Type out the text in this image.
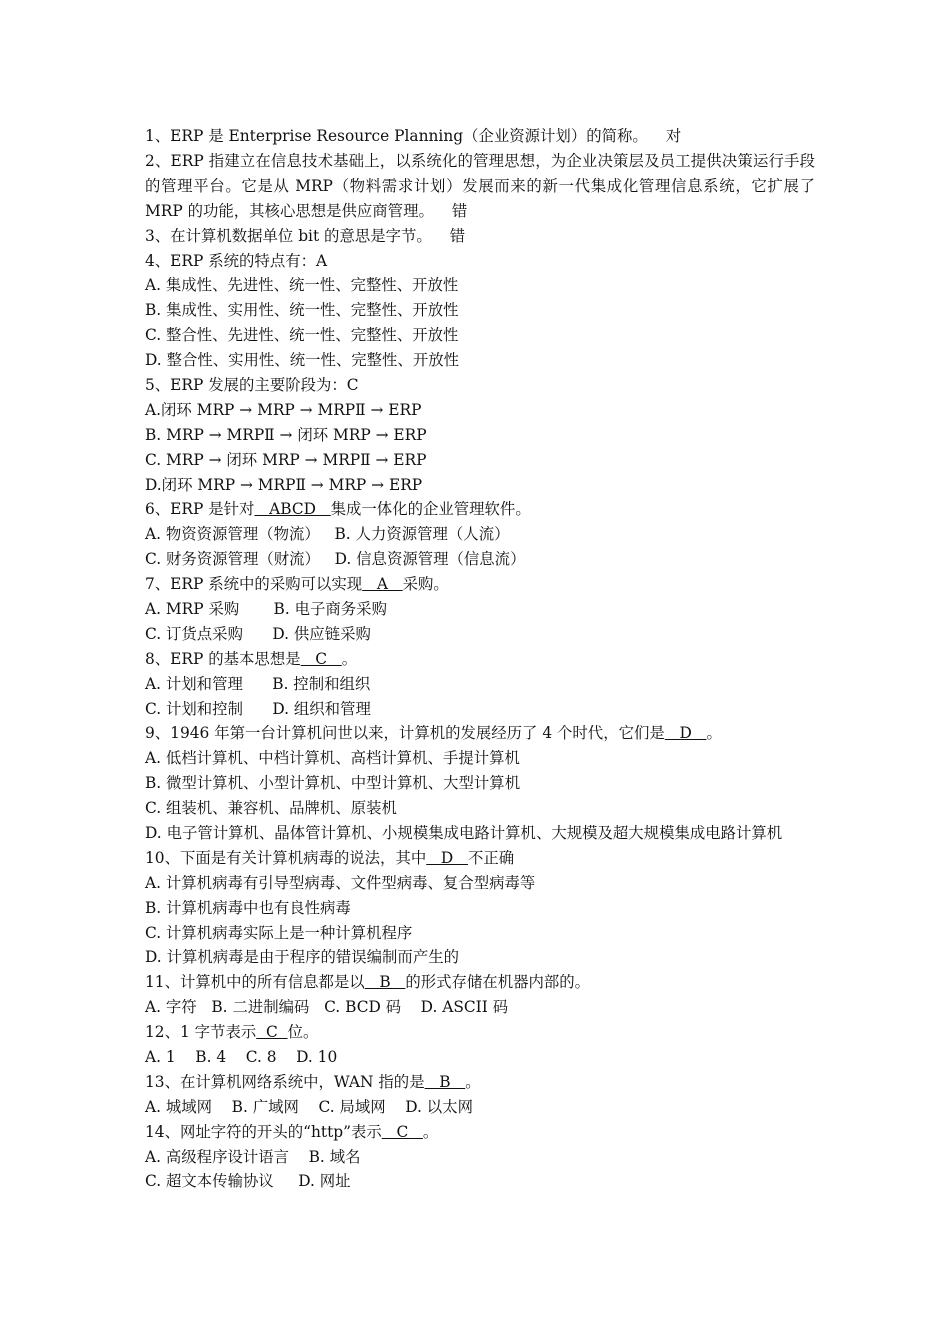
1、ERP 是 Enterprise Resource Planning（企业资源计划）的简称。 对
2、ERP 指建立在信息技术基础上，以系统化的管理思想，为企业决策层及员工提供决策运行手段的管理平台。它是从 MRP（物料需求计划）发展而来的新一代集成化管理信息系统，它扩展了 MRP 的功能，其核心思想是供应商管理。 错
3、在计算机数据单位 bit 的意思是字节。 错
4、ERP 系统的特点有：A
A. 集成性、先进性、统一性、完整性、开放性
B. 集成性、实用性、统一性、完整性、开放性
C. 整合性、先进性、统一性、完整性、开放性
D. 整合性、实用性、统一性、完整性、开放性
5、ERP 发展的主要阶段为：C
A.闭环 MRP → MRP → MRPⅡ → ERP
B. MRP → MRPⅡ → 闭环 MRP → ERP
C. MRP → 闭环 MRP → MRPⅡ → ERP
D.闭环 MRP → MRPⅡ → MRP → ERP
6、ERP 是针对   ABCD   集成一体化的企业管理软件。
A. 物资资源管理（物流）   B. 人力资源管理（人流）
C. 财务资源管理（财流）   D. 信息资源管理（信息流）
7、ERP 系统中的采购可以实现   A   采购。
A. MRP 采购       B. 电子商务采购
C. 订货点采购      D. 供应链采购
8、ERP 的基本思想是   C   。
A. 计划和管理      B. 控制和组织
C. 计划和控制      D. 组织和管理
9、1946 年第一台计算机问世以来，计算机的发展经历了 4 个时代，它们是   D   。
A. 低档计算机、中档计算机、高档计算机、手提计算机
B. 微型计算机、小型计算机、中型计算机、大型计算机
C. 组装机、兼容机、品牌机、原装机
D. 电子管计算机、晶体管计算机、小规模集成电路计算机、大规模及超大规模集成电路计算机
10、下面是有关计算机病毒的说法，其中   D   不正确
A. 计算机病毒有引导型病毒、文件型病毒、复合型病毒等
B. 计算机病毒中也有良性病毒
C. 计算机病毒实际上是一种计算机程序
D. 计算机病毒是由于程序的错误编制而产生的
11、计算机中的所有信息都是以   B   的形式存储在机器内部的。
A. 字符   B. 二进制编码   C. BCD 码    D. ASCII 码
12、1 字节表示  C  位。
A. 1    B. 4    C. 8    D. 10
13、在计算机网络系统中，WAN 指的是   B   。
A. 城域网    B. 广域网    C. 局域网    D. 以太网
14、网址字符的开头的“http”表示   C   。
A. 高级程序设计语言    B. 域名
C. 超文本传输协议     D. 网址
